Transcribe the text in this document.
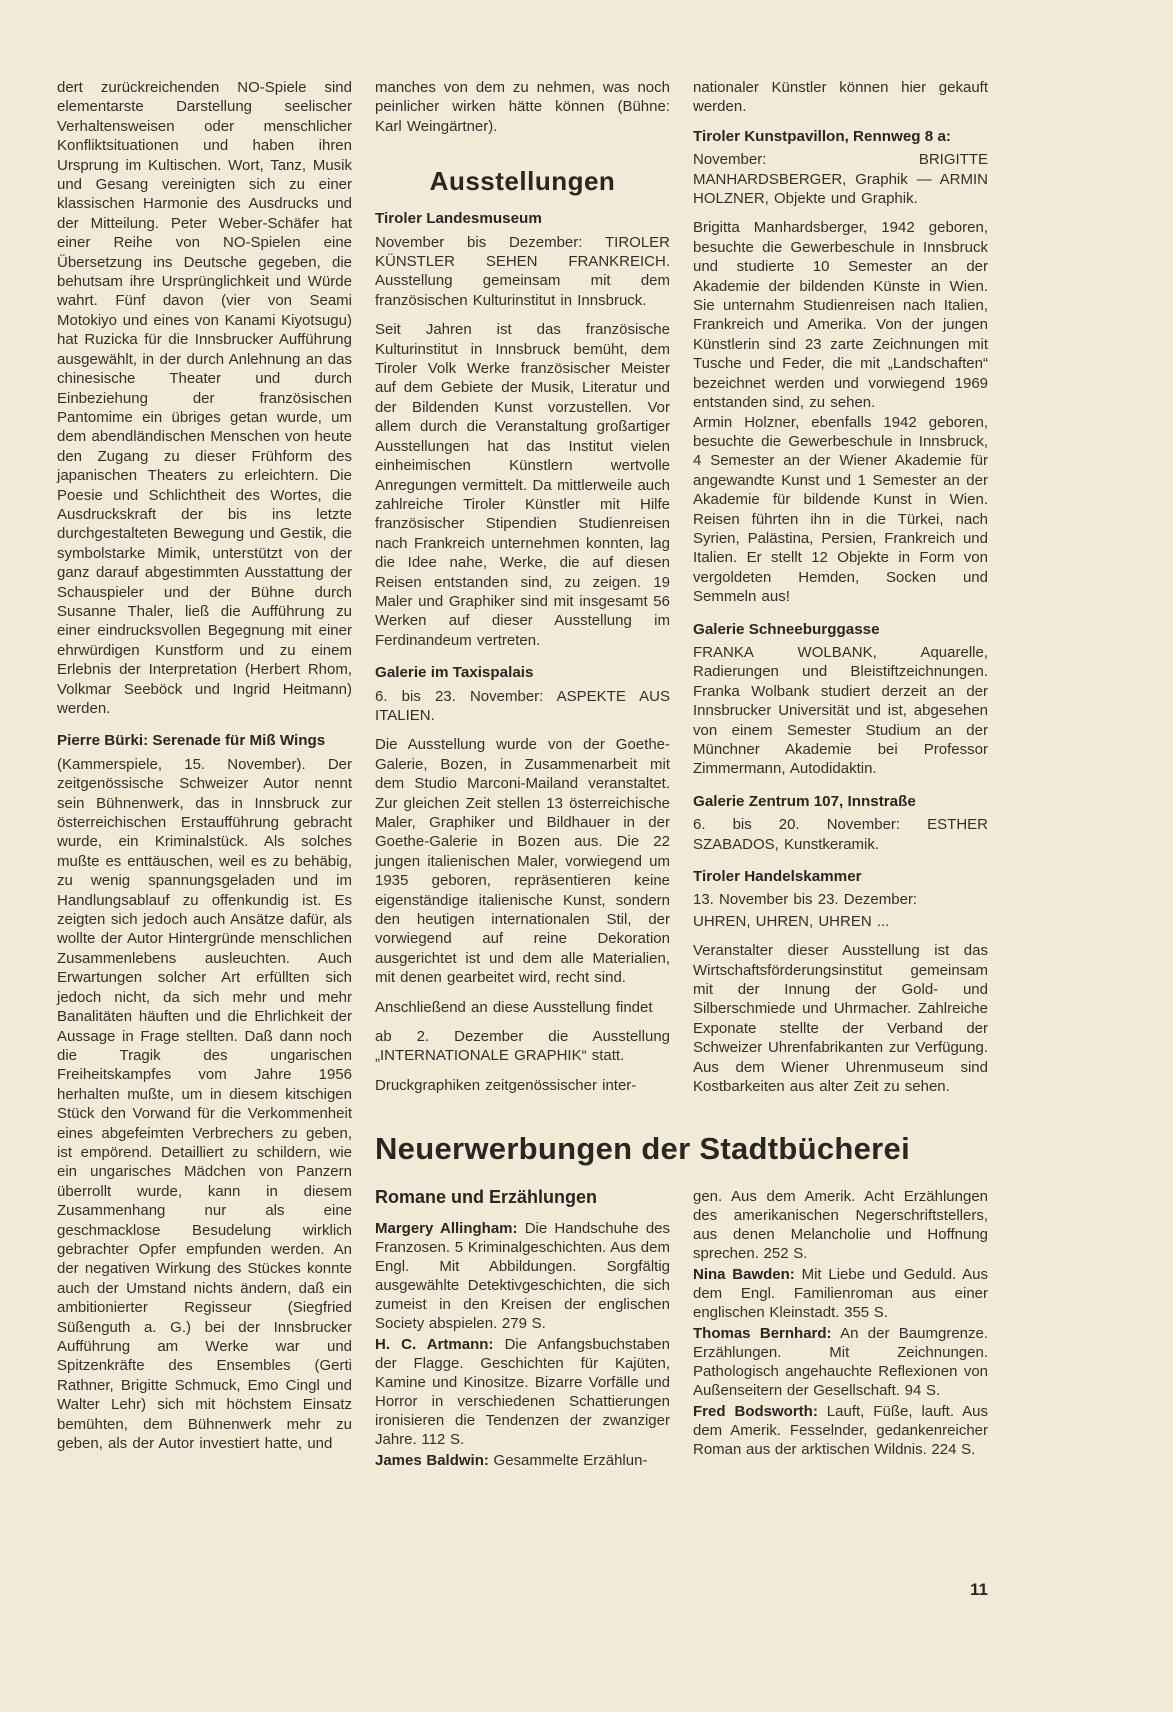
dert zurückreichenden NO-Spiele sind elementarste Darstellung seelischer Verhaltensweisen oder menschlicher Konfliktsituationen und haben ihren Ursprung im Kultischen. Wort, Tanz, Musik und Gesang vereinigten sich zu einer klassischen Harmonie des Ausdrucks und der Mitteilung. Peter Weber-Schäfer hat einer Reihe von NO-Spielen eine Übersetzung ins Deutsche gegeben, die behutsam ihre Ursprünglichkeit und Würde wahrt. Fünf davon (vier von Seami Motokiyo und eines von Kanami Kiyotsugu) hat Ruzicka für die Innsbrucker Aufführung ausgewählt, in der durch Anlehnung an das chinesische Theater und durch Einbeziehung der französischen Pantomime ein übriges getan wurde, um dem abendländischen Menschen von heute den Zugang zu dieser Frühform des japanischen Theaters zu erleichtern. Die Poesie und Schlichtheit des Wortes, die Ausdruckskraft der bis ins letzte durchgestalteten Bewegung und Gestik, die symbolstarke Mimik, unterstützt von der ganz darauf abgestimmten Ausstattung der Schauspieler und der Bühne durch Susanne Thaler, ließ die Aufführung zu einer eindrucksvollen Begegnung mit einer ehrwürdigen Kunstform und zu einem Erlebnis der Interpretation (Herbert Rhom, Volkmar Seeböck und Ingrid Heitmann) werden.

Pierre Bürki: Serenade für Miß Wings

(Kammerspiele, 15. November). Der zeitgenössische Schweizer Autor nennt sein Bühnenwerk, das in Innsbruck zur österreichischen Erstaufführung gebracht wurde, ein Kriminalstück. Als solches mußte es enttäuschen, weil es zu behäbig, zu wenig spannungsgeladen und im Handlungsablauf zu offenkundig ist. Es zeigten sich jedoch auch Ansätze dafür, als wollte der Autor Hintergründe menschlichen Zusammenlebens ausleuchten. Auch Erwartungen solcher Art erfüllten sich jedoch nicht, da sich mehr und mehr Banalitäten häuften und die Ehrlichkeit der Aussage in Frage stellten. Daß dann noch die Tragik des ungarischen Freiheitskampfes vom Jahre 1956 herhalten mußte, um in diesem kitschigen Stück den Vorwand für die Verkommenheit eines abgefeimten Verbrechers zu geben, ist empörend. Detailliert zu schildern, wie ein ungarisches Mädchen von Panzern überrollt wurde, kann in diesem Zusammenhang nur als eine geschmacklose Besudelung wirklich gebrachter Opfer empfunden werden. An der negativen Wirkung des Stückes konnte auch der Umstand nichts ändern, daß ein ambitionierter Regisseur (Siegfried Süßenguth a. G.) bei der Innsbrucker Aufführung am Werke war und Spitzenkräfte des Ensembles (Gerti Rathner, Brigitte Schmuck, Emo Cingl und Walter Lehr) sich mit höchstem Einsatz bemühten, dem Bühnenwerk mehr zu geben, als der Autor investiert hatte, und

manches von dem zu nehmen, was noch peinlicher wirken hätte können (Bühne: Karl Weingärtner).

Ausstellungen
Tiroler Landesmuseum

November bis Dezember: TIROLER KÜNSTLER SEHEN FRANKREICH. Ausstellung gemeinsam mit dem französischen Kulturinstitut in Innsbruck.

Seit Jahren ist das französische Kulturinstitut in Innsbruck bemüht, dem Tiroler Volk Werke französischer Meister auf dem Gebiete der Musik, Literatur und der Bildenden Kunst vorzustellen. Vor allem durch die Veranstaltung großartiger Ausstellungen hat das Institut vielen einheimischen Künstlern wertvolle Anregungen vermittelt. Da mittlerweile auch zahlreiche Tiroler Künstler mit Hilfe französischer Stipendien Studienreisen nach Frankreich unternehmen konnten, lag die Idee nahe, Werke, die auf diesen Reisen entstanden sind, zu zeigen. 19 Maler und Graphiker sind mit insgesamt 56 Werken auf dieser Ausstellung im Ferdinandeum vertreten.

Galerie im Taxispalais

6. bis 23. November: ASPEKTE AUS ITALIEN.

Die Ausstellung wurde von der Goethe-Galerie, Bozen, in Zusammenarbeit mit dem Studio Marconi-Mailand veranstaltet. Zur gleichen Zeit stellen 13 österreichische Maler, Graphiker und Bildhauer in der Goethe-Galerie in Bozen aus. Die 22 jungen italienischen Maler, vorwiegend um 1935 geboren, repräsentieren keine eigenständige italienische Kunst, sondern den heutigen internationalen Stil, der vorwiegend auf reine Dekoration ausgerichtet ist und dem alle Materialien, mit denen gearbeitet wird, recht sind.

Anschließend an diese Ausstellung findet

ab 2. Dezember die Ausstellung „INTERNATIONALE GRAPHIK“ statt.

Druckgraphiken zeitgenössischer inter-

nationaler Künstler können hier gekauft werden.

Tiroler Kunstpavillon, Rennweg 8 a:

November: BRIGITTE MANHARDSBERGER, Graphik — ARMIN HOLZNER, Objekte und Graphik.

Brigitta Manhardsberger, 1942 geboren, besuchte die Gewerbeschule in Innsbruck und studierte 10 Semester an der Akademie der bildenden Künste in Wien. Sie unternahm Studienreisen nach Italien, Frankreich und Amerika. Von der jungen Künstlerin sind 23 zarte Zeichnungen mit Tusche und Feder, die mit „Landschaften“ bezeichnet werden und vorwiegend 1969 entstanden sind, zu sehen.

Armin Holzner, ebenfalls 1942 geboren, besuchte die Gewerbeschule in Innsbruck, 4 Semester an der Wiener Akademie für angewandte Kunst und 1 Semester an der Akademie für bildende Kunst in Wien. Reisen führten ihn in die Türkei, nach Syrien, Palästina, Persien, Frankreich und Italien. Er stellt 12 Objekte in Form von vergoldeten Hemden, Socken und Semmeln aus!

Galerie Schneeburggasse

FRANKA WOLBANK, Aquarelle, Radierungen und Bleistiftzeichnungen. Franka Wolbank studiert derzeit an der Innsbrucker Universität und ist, abgesehen von einem Semester Studium an der Münchner Akademie bei Professor Zimmermann, Autodidaktin.

Galerie Zentrum 107, Innstraße

6. bis 20. November: ESTHER SZABADOS, Kunstkeramik.

Tiroler Handelskammer

13. November bis 23. Dezember:

UHREN, UHREN, UHREN ...

Veranstalter dieser Ausstellung ist das Wirtschaftsförderungsinstitut gemeinsam mit der Innung der Gold- und Silberschmiede und Uhrmacher. Zahlreiche Exponate stellte der Verband der Schweizer Uhrenfabrikanten zur Verfügung. Aus dem Wiener Uhrenmuseum sind Kostbarkeiten aus alter Zeit zu sehen.

Neuerwerbungen der Stadtbücherei
Romane und Erzählungen

Margery Allingham: Die Handschuhe des Franzosen. 5 Kriminalgeschichten. Aus dem Engl. Mit Abbildungen. Sorgfältig ausgewählte Detektivgeschichten, die sich zumeist in den Kreisen der englischen Society abspielen. 279 S.

H. C. Artmann: Die Anfangsbuchstaben der Flagge. Geschichten für Kajüten, Kamine und Kinositze. Bizarre Vorfälle und Horror in verschiedenen Schattierungen ironisieren die Tendenzen der zwanziger Jahre. 112 S.

James Baldwin: Gesammelte Erzählun-

gen. Aus dem Amerik. Acht Erzählungen des amerikanischen Negerschriftstellers, aus denen Melancholie und Hoffnung sprechen. 252 S.

Nina Bawden: Mit Liebe und Geduld. Aus dem Engl. Familienroman aus einer englischen Kleinstadt. 355 S.

Thomas Bernhard: An der Baumgrenze. Erzählungen. Mit Zeichnungen. Pathologisch angehauchte Reflexionen von Außenseitern der Gesellschaft. 94 S.

Fred Bodsworth: Lauft, Füße, lauft. Aus dem Amerik. Fesselnder, gedankenreicher Roman aus der arktischen Wildnis. 224 S.

11
